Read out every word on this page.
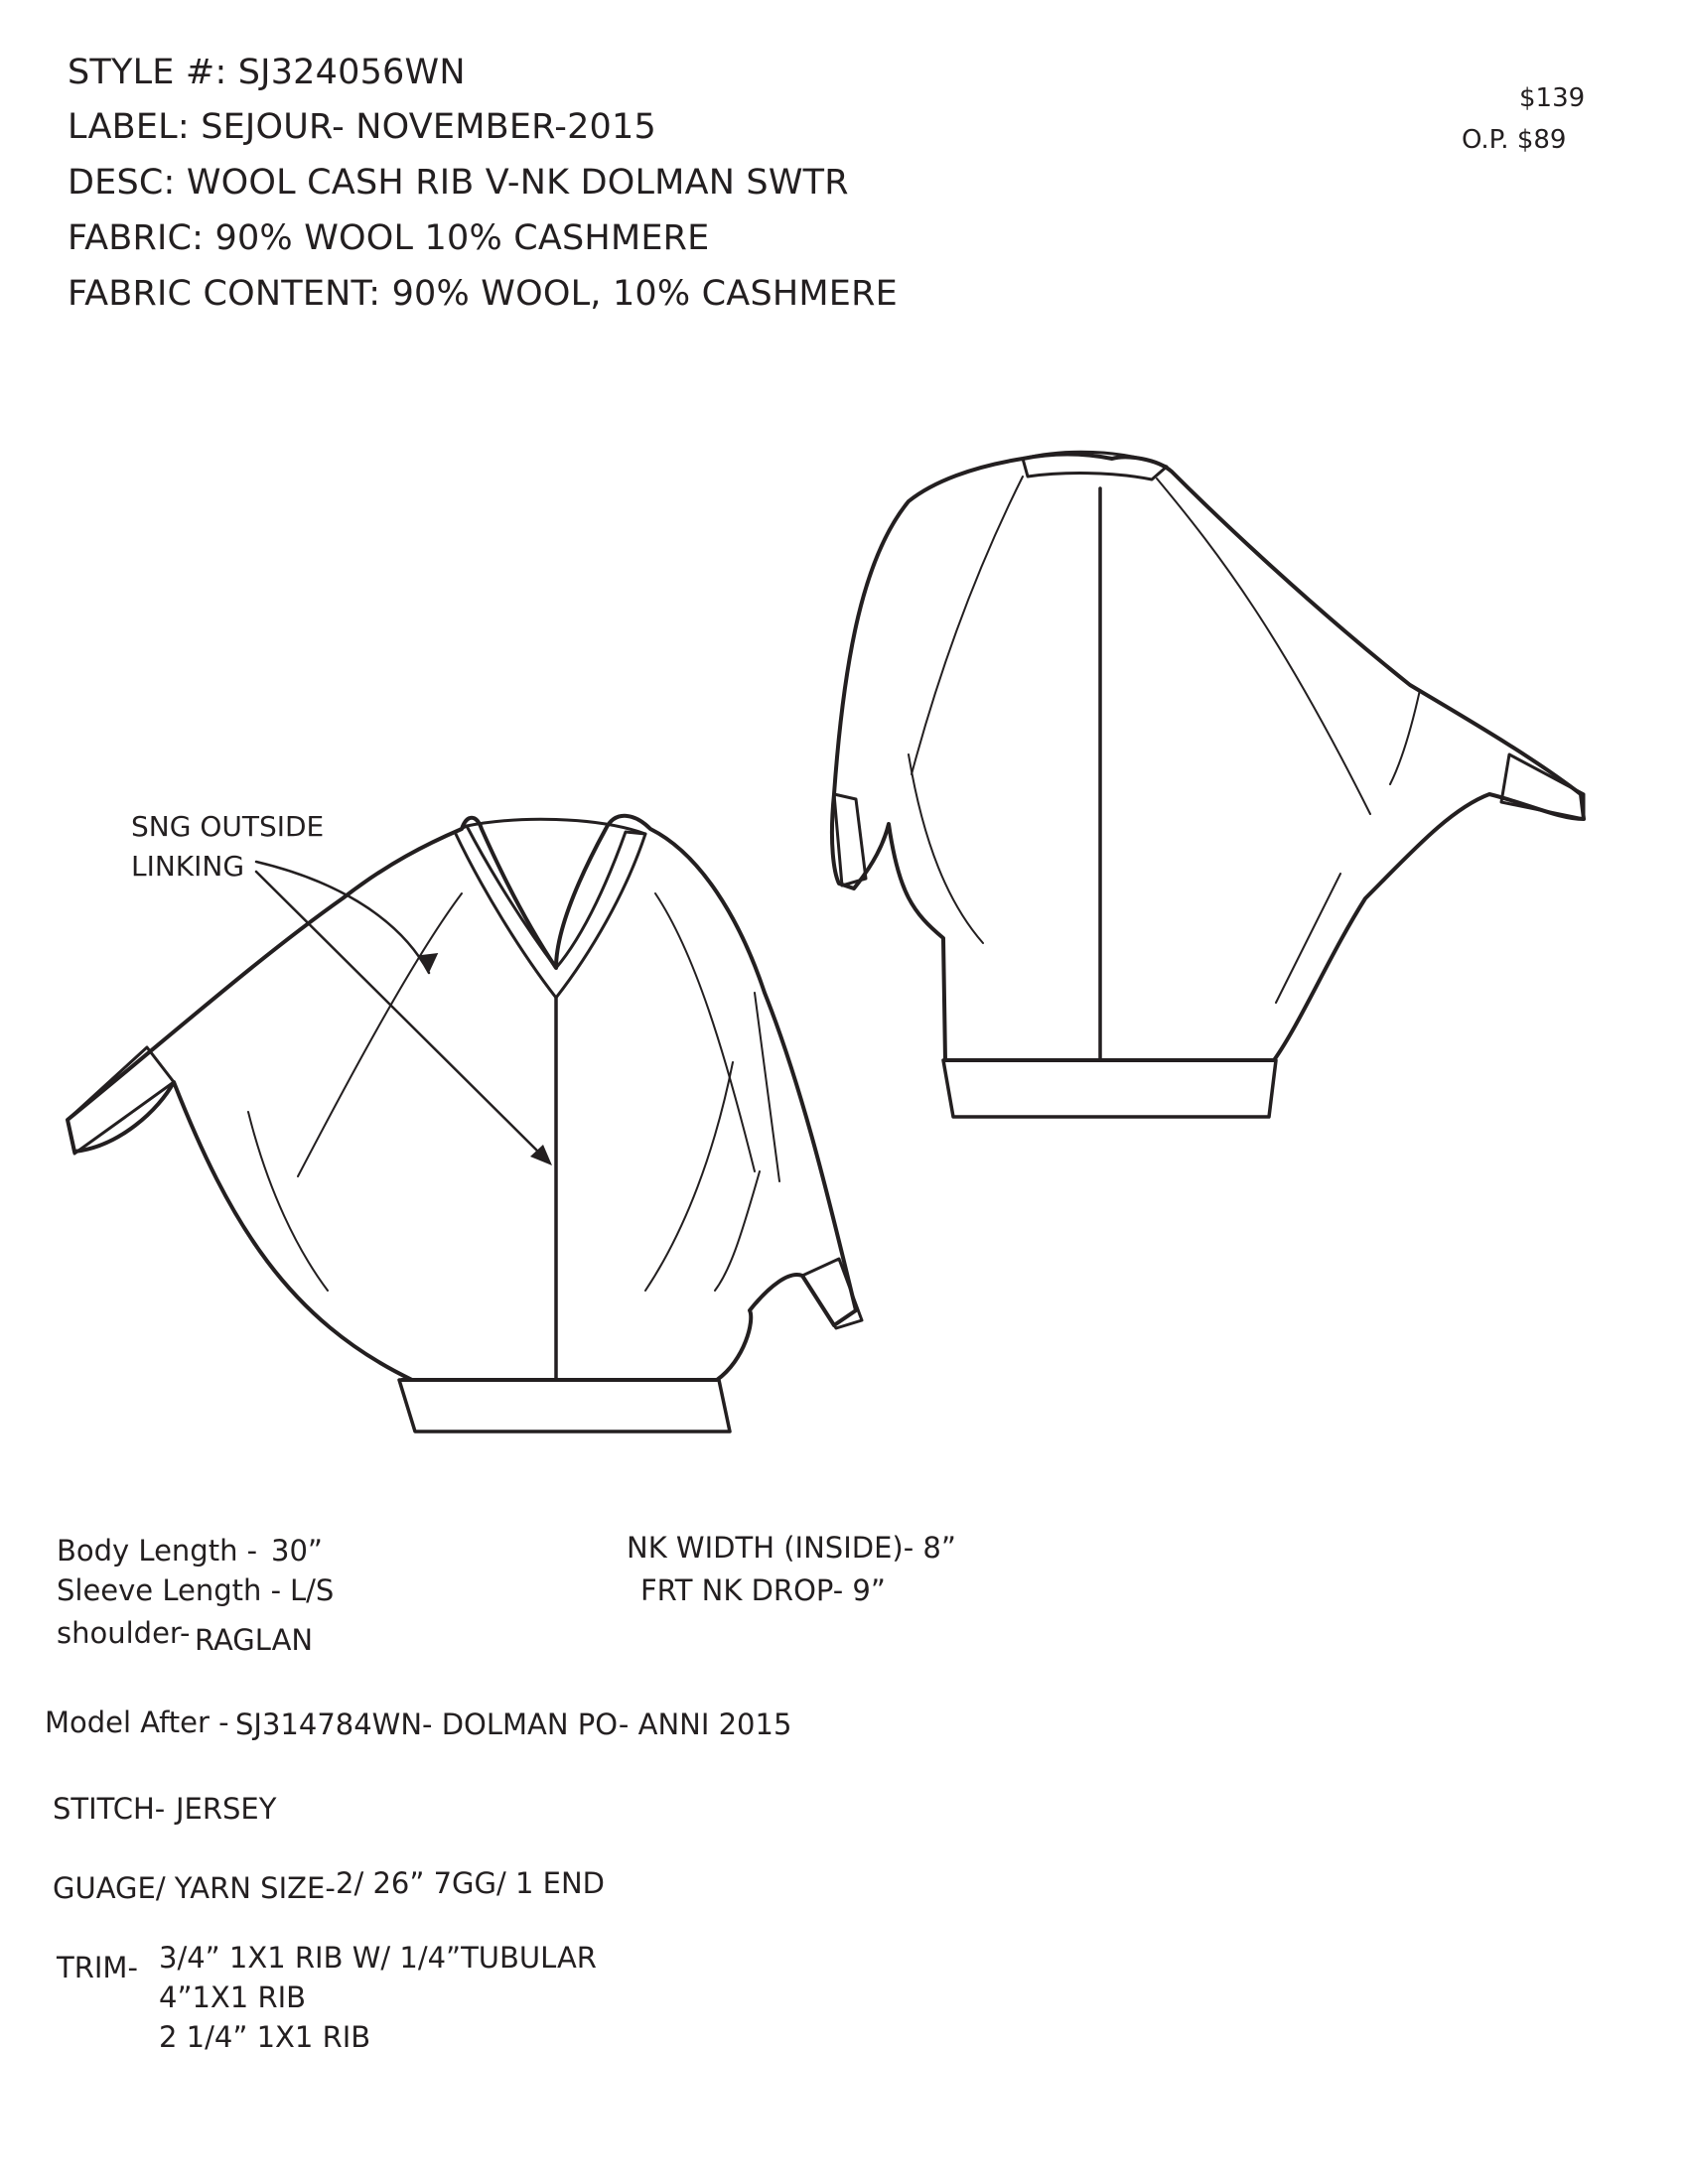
STYLE #: SJ324056WN
LABEL: SEJOUR- NOVEMBER-2015
DESC: WOOL CASH RIB V-NK DOLMAN SWTR
FABRIC: 90% WOOL 10% CASHMERE
FABRIC CONTENT: 90% WOOL, 10% CASHMERE
$139
O.P. $89
SNG OUTSIDE
LINKING
Body Length - 30”
Sleeve Length - L/S
shoulder- RAGLAN
NK WIDTH (INSIDE)- 8”
FRT NK DROP- 9”
Model After - SJ314784WN- DOLMAN PO- ANNI 2015
STITCH- JERSEY
GUAGE/ YARN SIZE- 2/ 26” 7GG/ 1 END
TRIM- 3/4” 1X1 RIB W/ 1/4”TUBULAR
4”1X1 RIB
2 1/4” 1X1 RIB
